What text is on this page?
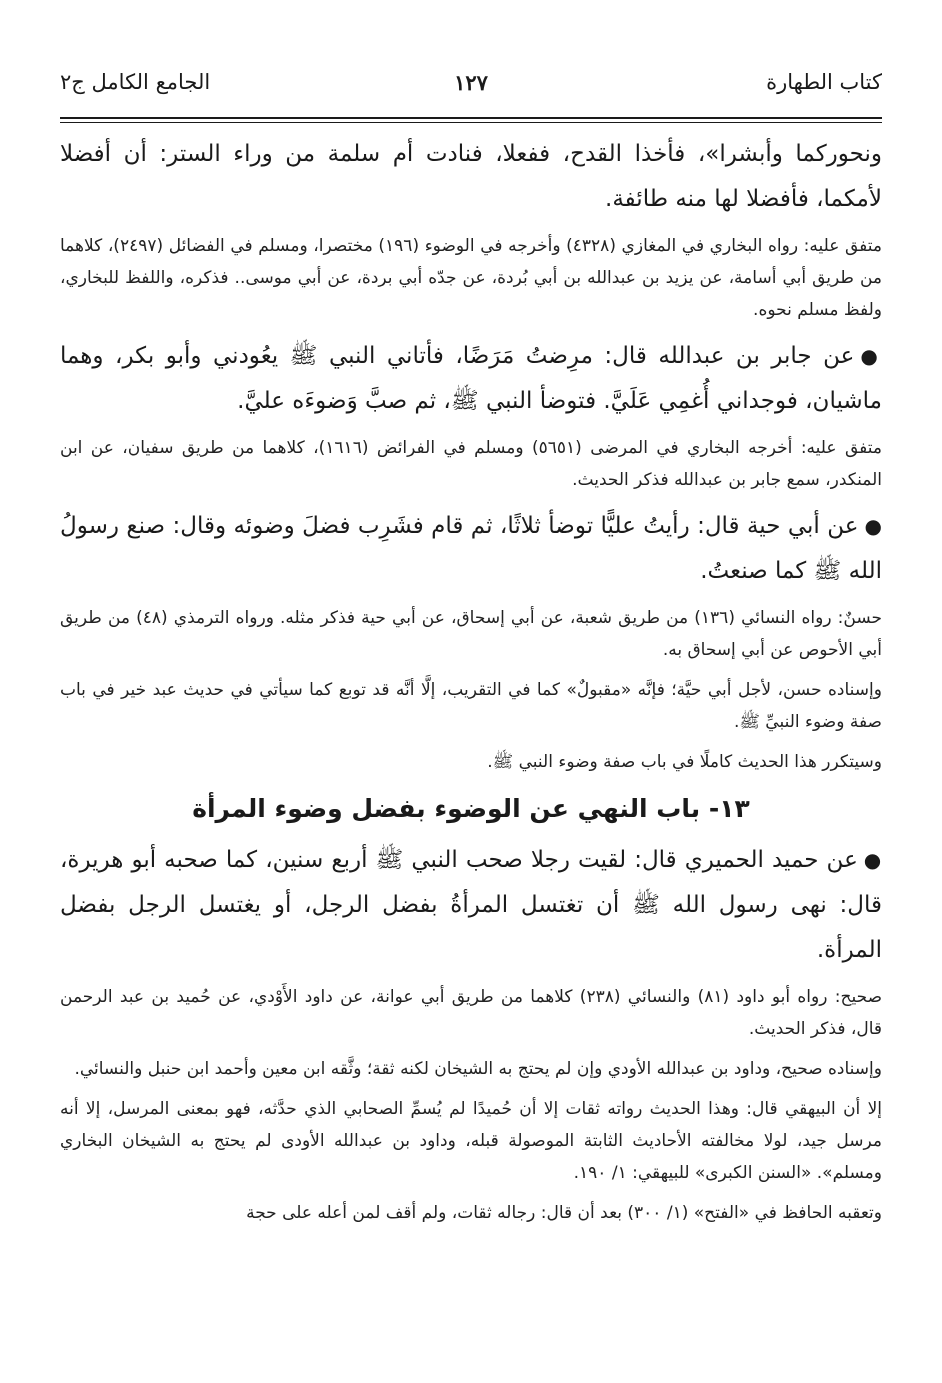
كتاب الطهارة
١٢٧
الجامع الكامل ج٢

ونحوركما وأبشرا»، فأخذا القدح، ففعلا، فنادت أم سلمة من وراء الستر: أن أفضلا لأمكما، فأفضلا لها منه طائفة.

متفق عليه: رواه البخاري في المغازي (٤٣٢٨) وأخرجه في الوضوء (١٩٦) مختصرا، ومسلم في الفضائل (٢٤٩٧)، كلاهما من طريق أبي أسامة، عن يزيد بن عبدالله بن أبي بُردة، عن جدّه أبي بردة، عن أبي موسى.. فذكره، واللفظ للبخاري، ولفظ مسلم نحوه.

●عن جابر بن عبدالله قال: مرِضتُ مَرَضًا، فأتاني النبي ﷺ يعُودني وأبو بكر، وهما ماشيان، فوجداني أُغمِي عَلَيَّ. فتوضأ النبي ﷺ، ثم صبَّ وَضوءَه عليَّ.

متفق عليه: أخرجه البخاري في المرضى (٥٦٥١) ومسلم في الفرائض (١٦١٦)، كلاهما من طريق سفيان، عن ابن المنكدر، سمع جابر بن عبدالله فذكر الحديث.

●عن أبي حية قال: رأيتُ عليًّا توضأ ثلاثًا، ثم قام فشَرِب فضلَ وضوئه وقال: صنع رسولُ الله ﷺ كما صنعتُ.

حسنٌ: رواه النسائي (١٣٦) من طريق شعبة، عن أبي إسحاق، عن أبي حية فذكر مثله. ورواه الترمذي (٤٨) من طريق أبي الأحوص عن أبي إسحاق به.

وإسناده حسن، لأجل أبي حيَّة؛ فإنَّه «مقبولٌ» كما في التقريب، إلَّا أنَّه قد توبع كما سيأتي في حديث عبد خير في باب صفة وضوء النبيِّ ﷺ.

وسيتكرر هذا الحديث كاملًا في باب صفة وضوء النبي ﷺ.

١٣- باب النهي عن الوضوء بفضل وضوء المرأة

●عن حميد الحميري قال: لقيت رجلا صحب النبي ﷺ أربع سنين، كما صحبه أبو هريرة، قال: نهى رسول الله ﷺ أن تغتسل المرأةُ بفضل الرجل، أو يغتسل الرجل بفضل المرأة.

صحيح: رواه أبو داود (٨١) والنسائي (٢٣٨) كلاهما من طريق أبي عوانة، عن داود الأَوْدي، عن حُميد بن عبد الرحمن قال، فذكر الحديث.

وإسناده صحيح، وداود بن عبدالله الأودي وإن لم يحتج به الشيخان لكنه ثقة؛ وثَّقه ابن معين وأحمد ابن حنبل والنسائي.

إلا أن البيهقي قال: وهذا الحديث رواته ثقات إلا أن حُميدًا لم يُسمِّ الصحابي الذي حدَّثه، فهو بمعنى المرسل، إلا أنه مرسل جيد، لولا مخالفته الأحاديث الثابتة الموصولة قبله، وداود بن عبدالله الأودى لم يحتج به الشيخان البخاري ومسلم». «السنن الكبرى» للبيهقي: ١/ ١٩٠.

وتعقبه الحافظ في «الفتح» (١/ ٣٠٠) بعد أن قال: رجاله ثقات، ولم أقف لمن أعله على حجة
